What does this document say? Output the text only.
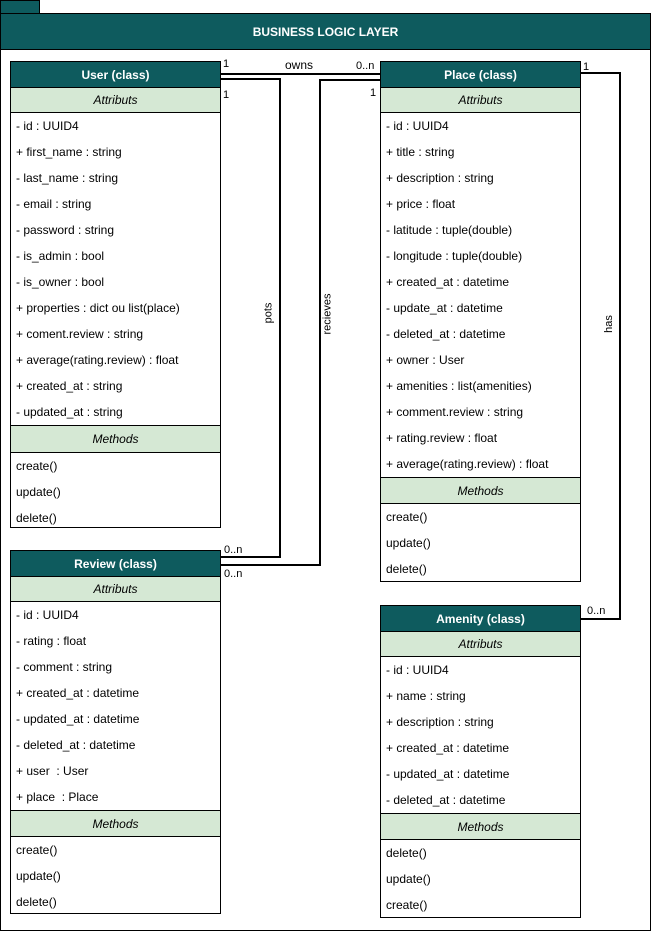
BUSINESS LOGIC LAYER
owns
1	0..n
1
pots
0..n
1
recieves
0..n
1
has
0..n
User (class)
Attributs
- id : UUID4
+ first_name : string
- last_name : string
- email : string
- password : string
- is_admin : bool
- is_owner : bool
+ properties : dict ou list(place)
+ coment.review : string
+ average(rating.review) : float
+ created_at : string
- updated_at : string
Methods
create()
update()
delete()
Place (class)
Attributs
- id : UUID4
+ title : string
+ description : string
+ price : float
- latitude : tuple(double)
- longitude : tuple(double)
+ created_at : datetime
- update_at : datetime
- deleted_at : datetime
+ owner : User
+ amenities : list(amenities)
+ comment.review : string
+ rating.review : float
+ average(rating.review) : float
Methods
create()
update()
delete()
Review (class)
Attributs
- id : UUID4
- rating : float
- comment : string
+ created_at : datetime
- updated_at : datetime
- deleted_at : datetime
+ user  : User
+ place  : Place
Methods
create()
update()
delete()
Amenity (class)
Attributs
- id : UUID4
+ name : string
+ description : string
+ created_at : datetime
- updated_at : datetime
- deleted_at : datetime
Methods
delete()
update()
create()
